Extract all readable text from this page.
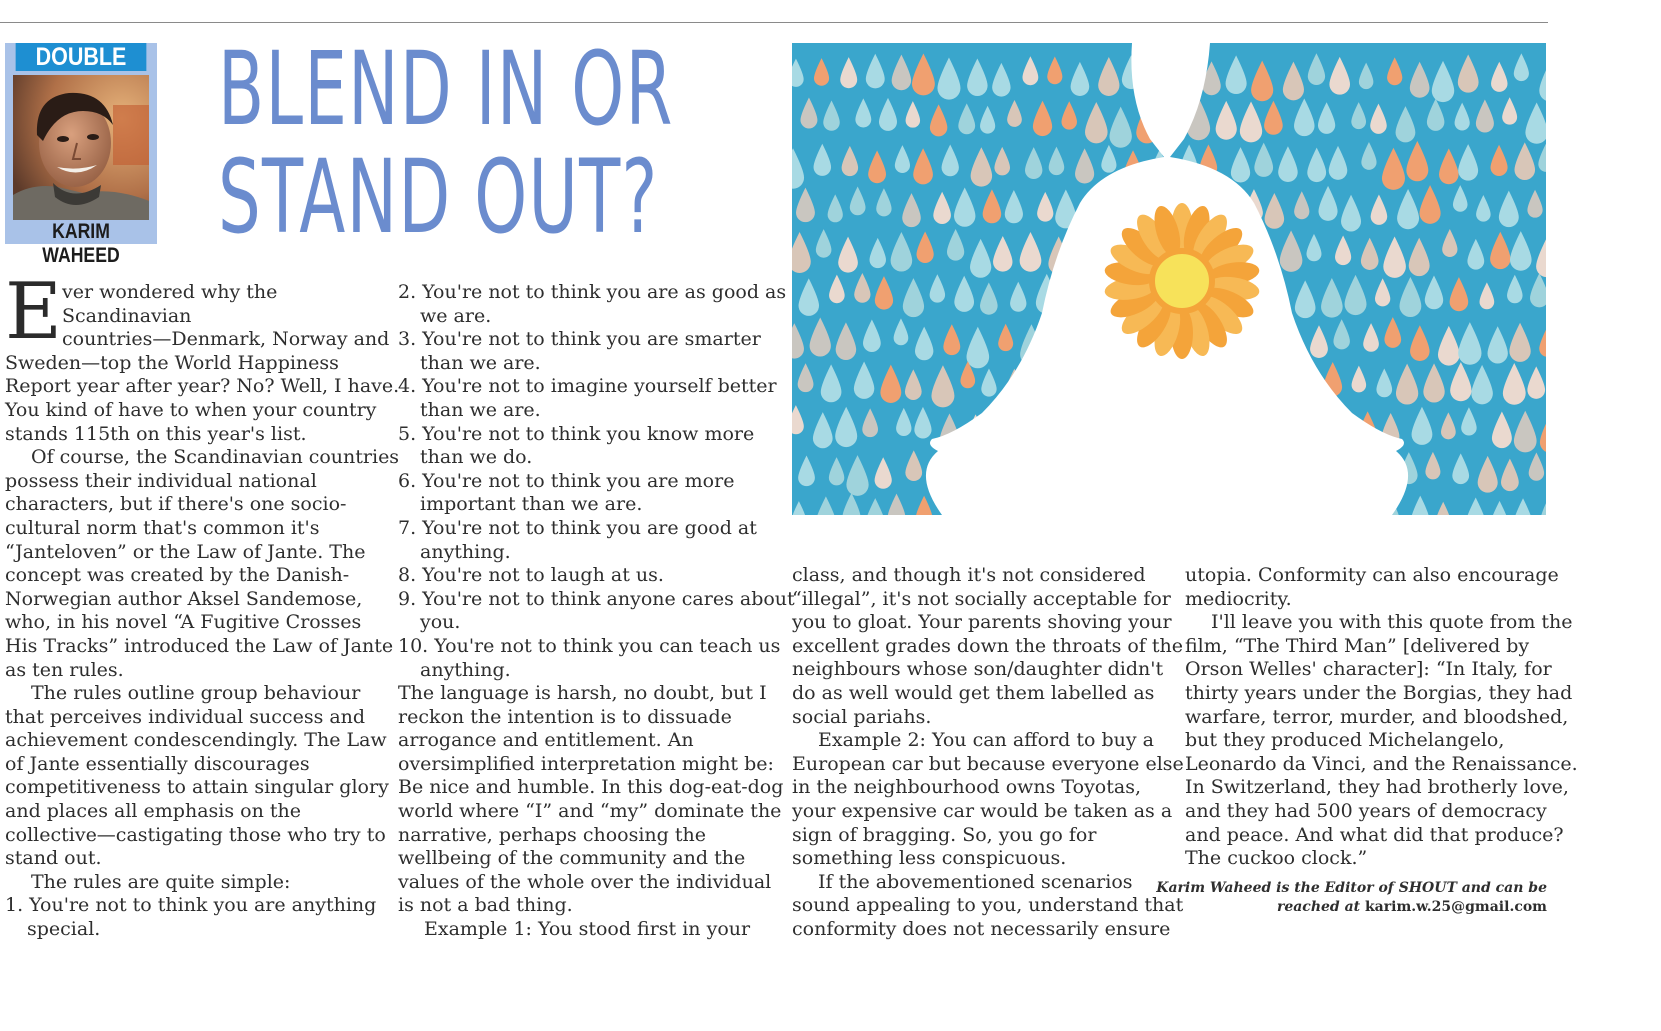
DOUBLE
KARIM WAHEED
BLEND IN OR
STAND OUT?
E ver wondered why the
Scandinavian
countries—Denmark, Norway and
Sweden—top the World Happiness
Report year after year? No? Well, I have.
You kind of have to when your country
stands 115th on this year's list.
Of course, the Scandinavian countries
possess their individual national
characters, but if there's one socio-
cultural norm that's common it's
“Janteloven” or the Law of Jante. The
concept was created by the Danish-
Norwegian author Aksel Sandemose,
who, in his novel “A Fugitive Crosses
His Tracks” introduced the Law of Jante
as ten rules.
The rules outline group behaviour
that perceives individual success and
achievement condescendingly. The Law
of Jante essentially discourages
competitiveness to attain singular glory
and places all emphasis on the
collective—castigating those who try to
stand out.
The rules are quite simple:
1. You're not to think you are anything
special.
2. You're not to think you are as good as
we are.
3. You're not to think you are smarter
than we are.
4. You're not to imagine yourself better
than we are.
5. You're not to think you know more
than we do.
6. You're not to think you are more
important than we are.
7. You're not to think you are good at
anything.
8. You're not to laugh at us.
9. You're not to think anyone cares about
you.
10. You're not to think you can teach us
anything.
The language is harsh, no doubt, but I
reckon the intention is to dissuade
arrogance and entitlement. An
oversimplified interpretation might be:
Be nice and humble. In this dog-eat-dog
world where “I” and “my” dominate the
narrative, perhaps choosing the
wellbeing of the community and the
values of the whole over the individual
is not a bad thing.
Example 1: You stood first in your
class, and though it's not considered
“illegal”, it's not socially acceptable for
you to gloat. Your parents shoving your
excellent grades down the throats of the
neighbours whose son/daughter didn't
do as well would get them labelled as
social pariahs.
Example 2: You can afford to buy a
European car but because everyone else
in the neighbourhood owns Toyotas,
your expensive car would be taken as a
sign of bragging. So, you go for
something less conspicuous.
If the abovementioned scenarios
sound appealing to you, understand that
conformity does not necessarily ensure
utopia. Conformity can also encourage
mediocrity.
I'll leave you with this quote from the
film, “The Third Man” [delivered by
Orson Welles' character]: “In Italy, for
thirty years under the Borgias, they had
warfare, terror, murder, and bloodshed,
but they produced Michelangelo,
Leonardo da Vinci, and the Renaissance.
In Switzerland, they had brotherly love,
and they had 500 years of democracy
and peace. And what did that produce?
The cuckoo clock.”
Karim Waheed is the Editor of SHOUT and can be
reached at karim.w.25@gmail.com
